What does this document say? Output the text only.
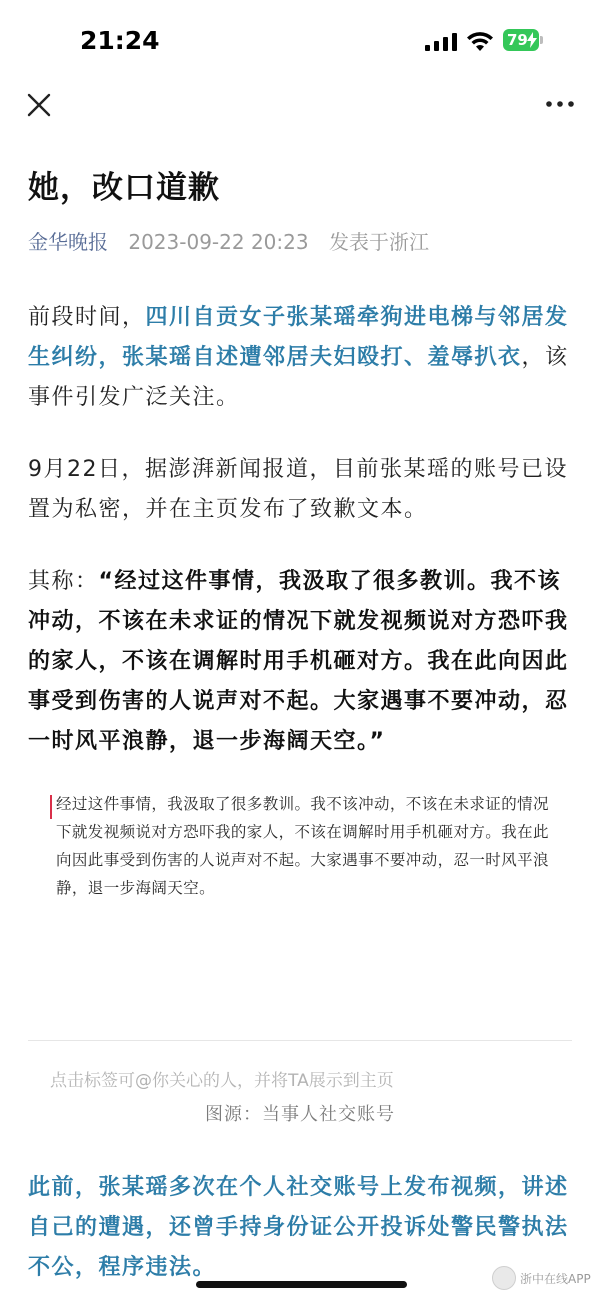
21:24	79
她，改口道歉
金华晚报 2023-09-22 20:23 发表于浙江
前段时间，四川自贡女子张某瑶牵狗进电梯与邻居发生纠纷，张某瑶自述遭邻居夫妇殴打、羞辱扒衣，该事件引发广泛关注。
9月22日，据澎湃新闻报道，目前张某瑶的账号已设置为私密，并在主页发布了致歉文本。
其称：“经过这件事情，我汲取了很多教训。我不该冲动，不该在未求证的情况下就发视频说对方恐吓我的家人，不该在调解时用手机砸对方。我在此向因此事受到伤害的人说声对不起。大家遇事不要冲动，忍一时风平浪静，退一步海阔天空。”
经过这件事情，我汲取了很多教训。我不该冲动，不该在未求证的情况下就发视频说对方恐吓我的家人，不该在调解时用手机砸对方。我在此向因此事受到伤害的人说声对不起。大家遇事不要冲动，忍一时风平浪静，退一步海阔天空。
点击标签可@你关心的人，并将TA展示到主页
图源：当事人社交账号
此前，张某瑶多次在个人社交账号上发布视频，讲述自己的遭遇，还曾手持身份证公开投诉处警民警执法不公，程序违法。	浙中在线APP
